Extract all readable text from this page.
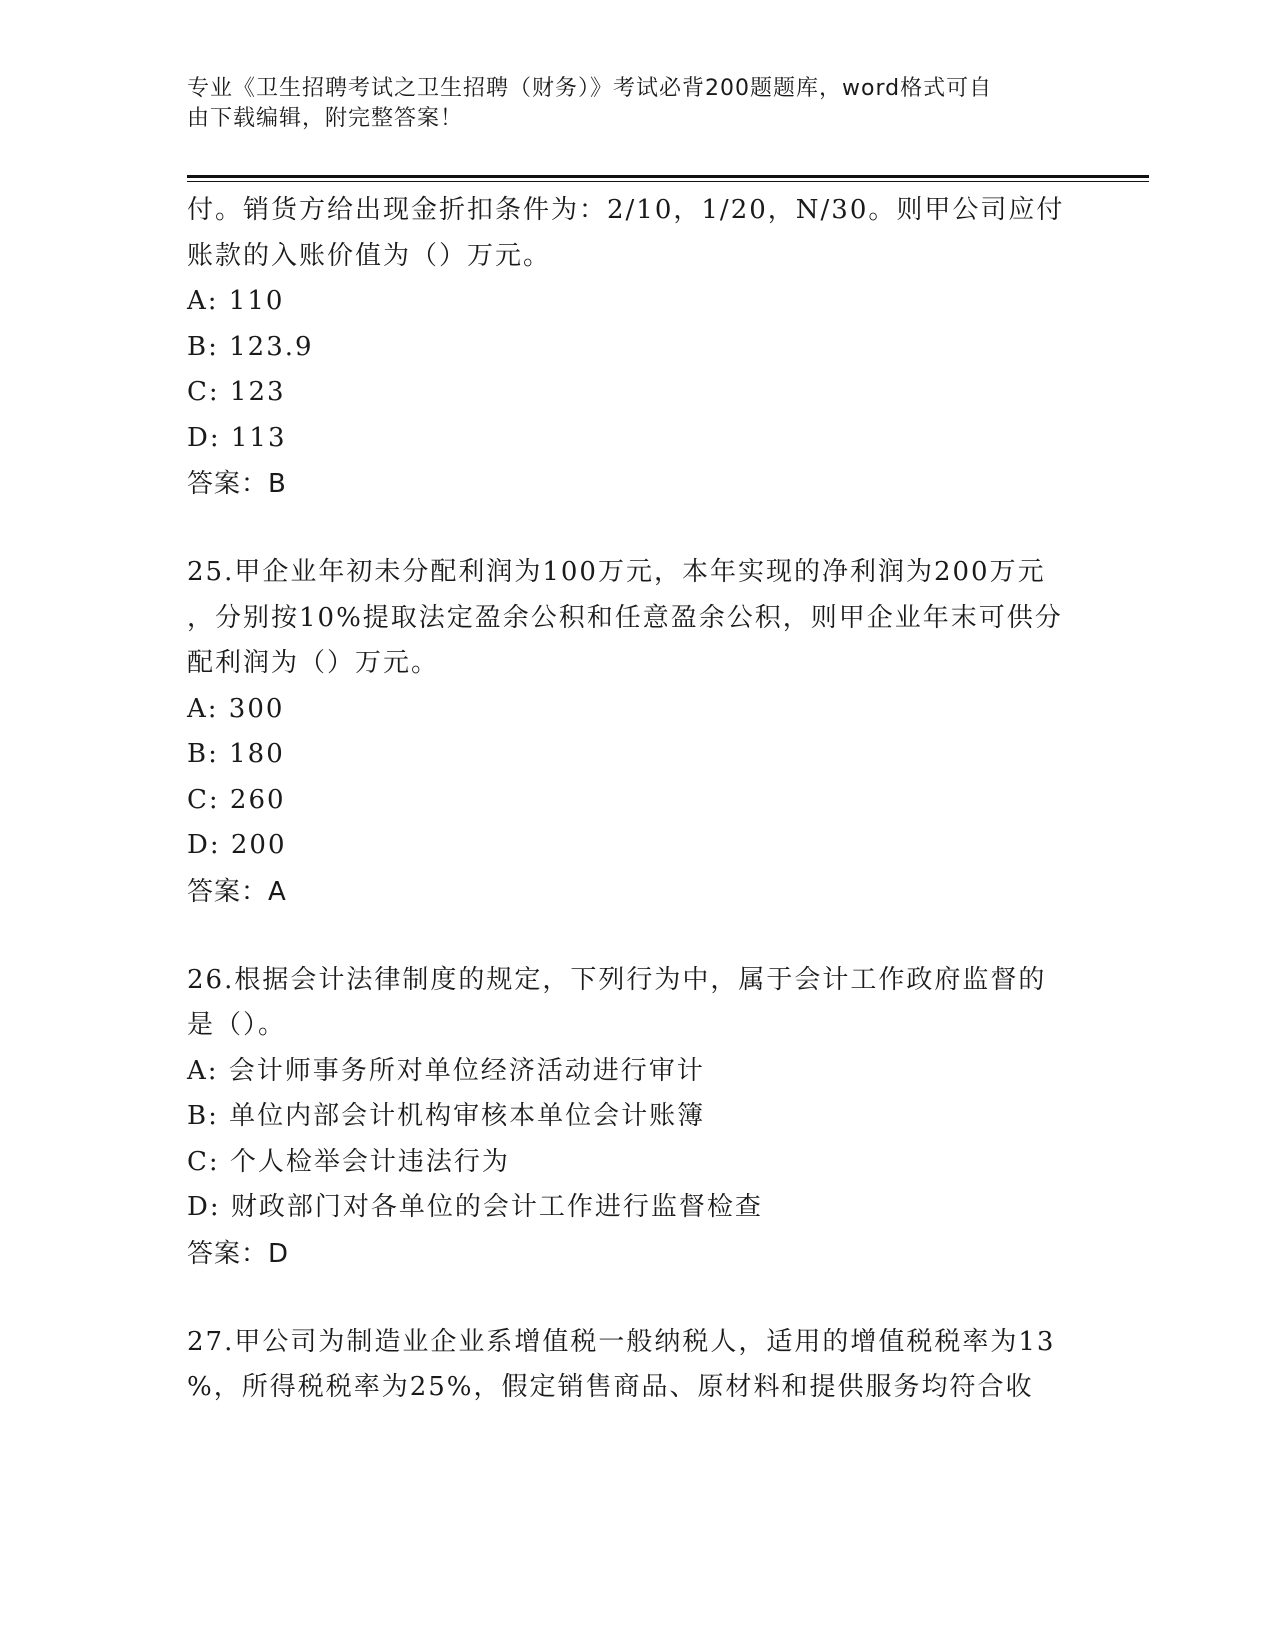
专业《卫生招聘考试之卫生招聘（财务）》考试必背200题题库，word格式可自
由下载编辑，附完整答案！
付。销货方给出现金折扣条件为：2/10，1/20，N/30。则甲公司应付
账款的入账价值为（）万元。
A: 110
B: 123.9
C: 123
D: 113
答案：B
25.甲企业年初未分配利润为100万元，本年实现的净利润为200万元
，分别按10%提取法定盈余公积和任意盈余公积，则甲企业年末可供分
配利润为（）万元。
A: 300
B: 180
C: 260
D: 200
答案：A
26.根据会计法律制度的规定，下列行为中，属于会计工作政府监督的
是（）。
A: 会计师事务所对单位经济活动进行审计
B: 单位内部会计机构审核本单位会计账簿
C: 个人检举会计违法行为
D: 财政部门对各单位的会计工作进行监督检查
答案：D
27.甲公司为制造业企业系增值税一般纳税人，适用的增值税税率为13
%，所得税税率为25%，假定销售商品、原材料和提供服务均符合收
